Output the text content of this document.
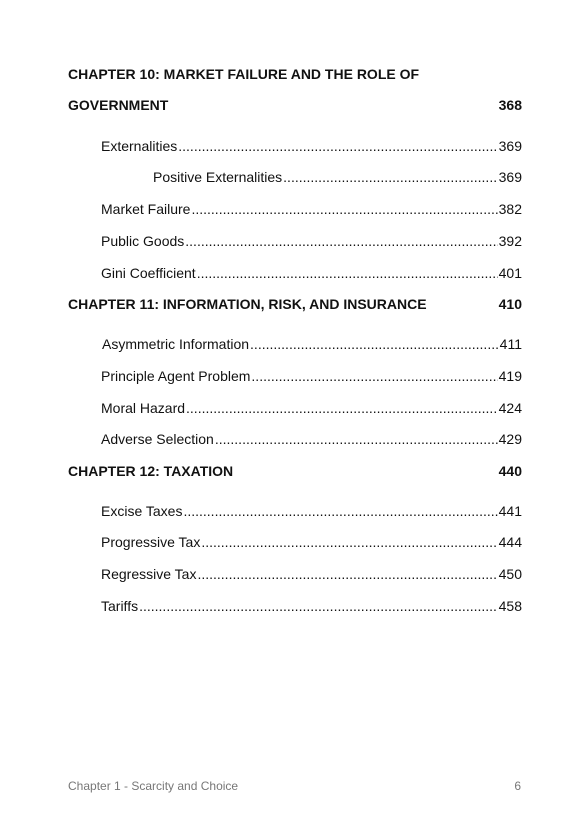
CHAPTER 10: MARKET FAILURE AND THE ROLE OF
GOVERNMENT	368
Externalities .....	369
Positive Externalities .....	369
Market Failure .....	382
Public Goods .....	392
Gini Coefficient .....	401
CHAPTER 11: INFORMATION, RISK, AND INSURANCE	410
Asymmetric Information .....	411
Principle Agent Problem .....	419
Moral Hazard .....	424
Adverse Selection .....	429
CHAPTER 12: TAXATION	440
Excise Taxes .....	441
Progressive Tax .....	444
Regressive Tax .....	450
Tariffs .....	458
Chapter 1 - Scarcity and Choice	6
